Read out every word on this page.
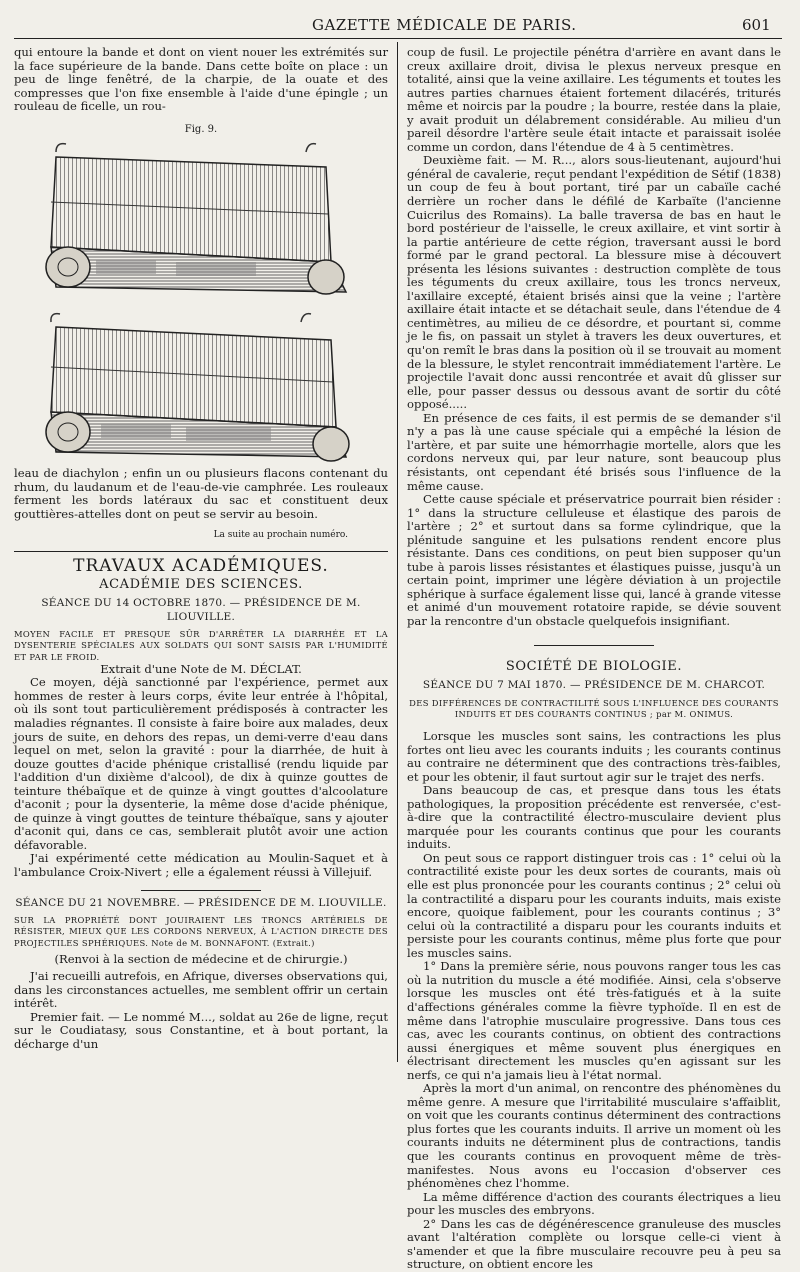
GAZETTE MÉDICALE DE PARIS.	601

qui entoure la bande et dont on vient nouer les extrémités sur la face supérieure de la bande. Dans cette boîte on place : un peu de linge fenêtré, de la charpie, de la ouate et des compresses que l'on fixe ensemble à l'aide d'une épingle ; un rouleau de ficelle, un rou-

Fig. 9.

leau de diachylon ; enfin un ou plusieurs flacons contenant du rhum, du laudanum et de l'eau-de-vie camphrée. Les rouleaux ferment les bords latéraux du sac et constituent deux gouttières-attelles dont on peut se servir au besoin.

La suite au prochain numéro.
TRAVAUX ACADÉMIQUES.
ACADÉMIE DES SCIENCES.
SÉANCE DU 14 OCTOBRE 1870. — PRÉSIDENCE DE M. LIOUVILLE.

MOYEN FACILE ET PRESQUE SÛR D'ARRÊTER LA DIARRHÉE ET LA DYSENTERIE SPÉCIALES AUX SOLDATS QUI SONT SAISIS PAR L'HUMIDITÉ ET PAR LE FROID.

Extrait d'une Note de M. DÉCLAT.

Ce moyen, déjà sanctionné par l'expérience, permet aux hommes de rester à leurs corps, évite leur entrée à l'hôpital, où ils sont tout particulièrement prédisposés à contracter les maladies régnantes. Il consiste à faire boire aux malades, deux jours de suite, en dehors des repas, un demi-verre d'eau dans lequel on met, selon la gravité : pour la diarrhée, de huit à douze gouttes d'acide phénique cristallisé (rendu liquide par l'addition d'un dixième d'alcool), de dix à quinze gouttes de teinture thébaïque et de quinze à vingt gouttes d'alcoolature d'aconit ; pour la dysenterie, la même dose d'acide phénique, de quinze à vingt gouttes de teinture thébaïque, sans y ajouter d'aconit qui, dans ce cas, semblerait plutôt avoir une action défavorable.

J'ai expérimenté cette médication au Moulin-Saquet et à l'ambulance Croix-Nivert ; elle a également réussi à Villejuif.

SÉANCE DU 21 NOVEMBRE. — PRÉSIDENCE DE M. LIOUVILLE.

SUR LA PROPRIÉTÉ DONT JOUIRAIENT LES TRONCS ARTÉRIELS DE RÉSISTER, MIEUX QUE LES CORDONS NERVEUX, À L'ACTION DIRECTE DES PROJECTILES SPHÉRIQUES. Note de M. BONNAFONT. (Extrait.)

(Renvoi à la section de médecine et de chirurgie.)

J'ai recueilli autrefois, en Afrique, diverses observations qui, dans les circonstances actuelles, me semblent offrir un certain intérêt.

Premier fait. — Le nommé M..., soldat au 26e de ligne, reçut sur le Coudiatasy, sous Constantine, et à bout portant, la décharge d'un

coup de fusil. Le projectile pénétra d'arrière en avant dans le creux axillaire droit, divisa le plexus nerveux presque en totalité, ainsi que la veine axillaire. Les téguments et toutes les autres parties charnues étaient fortement dilacérés, triturés même et noircis par la poudre ; la bourre, restée dans la plaie, y avait produit un délabrement considérable. Au milieu d'un pareil désordre l'artère seule était intacte et paraissait isolée comme un cordon, dans l'étendue de 4 à 5 centimètres.

Deuxième fait. — M. R..., alors sous-lieutenant, aujourd'hui général de cavalerie, reçut pendant l'expédition de Sétif (1838) un coup de feu à bout portant, tiré par un cabaïle caché derrière un rocher dans le défilé de Karbaïte (l'ancienne Cuicrilus des Romains). La balle traversa de bas en haut le bord postérieur de l'aisselle, le creux axillaire, et vint sortir à la partie antérieure de cette région, traversant aussi le bord formé par le grand pectoral. La blessure mise à découvert présenta les lésions suivantes : destruction complète de tous les téguments du creux axillaire, tous les troncs nerveux, l'axillaire excepté, étaient brisés ainsi que la veine ; l'artère axillaire était intacte et se détachait seule, dans l'étendue de 4 centimètres, au milieu de ce désordre, et pourtant si, comme je le fis, on passait un stylet à travers les deux ouvertures, et qu'on remît le bras dans la position où il se trouvait au moment de la blessure, le stylet rencontrait immédiatement l'artère. Le projectile l'avait donc aussi rencontrée et avait dû glisser sur elle, pour passer dessus ou dessous avant de sortir du côté opposé.....

En présence de ces faits, il est permis de se demander s'il n'y a pas là une cause spéciale qui a empêché la lésion de l'artère, et par suite une hémorrhagie mortelle, alors que les cordons nerveux qui, par leur nature, sont beaucoup plus résistants, ont cependant été brisés sous l'influence de la même cause.

Cette cause spéciale et préservatrice pourrait bien résider : 1° dans la structure celluleuse et élastique des parois de l'artère ; 2° et surtout dans sa forme cylindrique, que la plénitude sanguine et les pulsations rendent encore plus résistante. Dans ces conditions, on peut bien supposer qu'un tube à parois lisses résistantes et élastiques puisse, jusqu'à un certain point, imprimer une légère déviation à un projectile sphérique à surface également lisse qui, lancé à grande vitesse et animé d'un mouvement rotatoire rapide, se dévie souvent par la rencontre d'un obstacle quelquefois insignifiant.

SOCIÉTÉ DE BIOLOGIE.
SÉANCE DU 7 MAI 1870. — PRÉSIDENCE DE M. CHARCOT.

DES DIFFÉRENCES DE CONTRACTILITÉ SOUS L'INFLUENCE DES COURANTS INDUITS ET DES COURANTS CONTINUS ; par M. ONIMUS.

Lorsque les muscles sont sains, les contractions les plus fortes ont lieu avec les courants induits ; les courants continus au contraire ne déterminent que des contractions très-faibles, et pour les obtenir, il faut surtout agir sur le trajet des nerfs.

Dans beaucoup de cas, et presque dans tous les états pathologiques, la proposition précédente est renversée, c'est-à-dire que la contractilité électro-musculaire devient plus marquée pour les courants continus que pour les courants induits.

On peut sous ce rapport distinguer trois cas : 1° celui où la contractilité existe pour les deux sortes de courants, mais où elle est plus prononcée pour les courants continus ; 2° celui où la contractilité a disparu pour les courants induits, mais existe encore, quoique faiblement, pour les courants continus ; 3° celui où la contractilité a disparu pour les courants induits et persiste pour les courants continus, même plus forte que pour les muscles sains.

1° Dans la première série, nous pouvons ranger tous les cas où la nutrition du muscle a été modifiée. Ainsi, cela s'observe lorsque les muscles ont été très-fatigués et à la suite d'affections générales comme la fièvre typhoïde. Il en est de même dans l'atrophie musculaire progressive. Dans tous ces cas, avec les courants continus, on obtient des contractions aussi énergiques et même souvent plus énergiques en électrisant directement les muscles qu'en agissant sur les nerfs, ce qui n'a jamais lieu à l'état normal.

Après la mort d'un animal, on rencontre des phénomènes du même genre. A mesure que l'irritabilité musculaire s'affaiblit, on voit que les courants continus déterminent des contractions plus fortes que les courants induits. Il arrive un moment où les courants induits ne déterminent plus de contractions, tandis que les courants continus en provoquent même de très-manifestes. Nous avons eu l'occasion d'observer ces phénomènes chez l'homme.

La même différence d'action des courants électriques a lieu pour les muscles des embryons.

2° Dans les cas de dégénérescence granuleuse des muscles avant l'altération complète ou lorsque celle-ci vient à s'amender et que la fibre musculaire recouvre peu à peu sa structure, on obtient encore les
